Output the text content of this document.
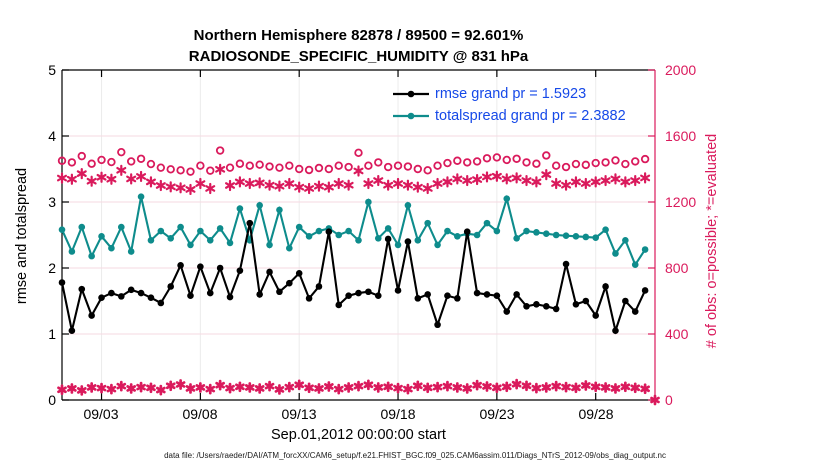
Northern Hemisphere 82878 / 89500 = 92.601%
RADIOSONDE_SPECIFIC_HUMIDITY @ 831 hPa
5
4
3
2
1
0
2000
1600
1200
800
400
0
09/03	09/08	09/13	09/18	09/23	09/28
Sep.01,2012 00:00:00 start
rmse and totalspread	# of obs: o=possible; *=evaluated
rmse grand pr = 1.5923
totalspread grand pr = 2.3882
data file: /Users/raeder/DAI/ATM_forcXX/CAM6_setup/f.e21.FHIST_BGC.f09_025.CAM6assim.011/Diags_NTrS_2012-09/obs_diag_output.nc
